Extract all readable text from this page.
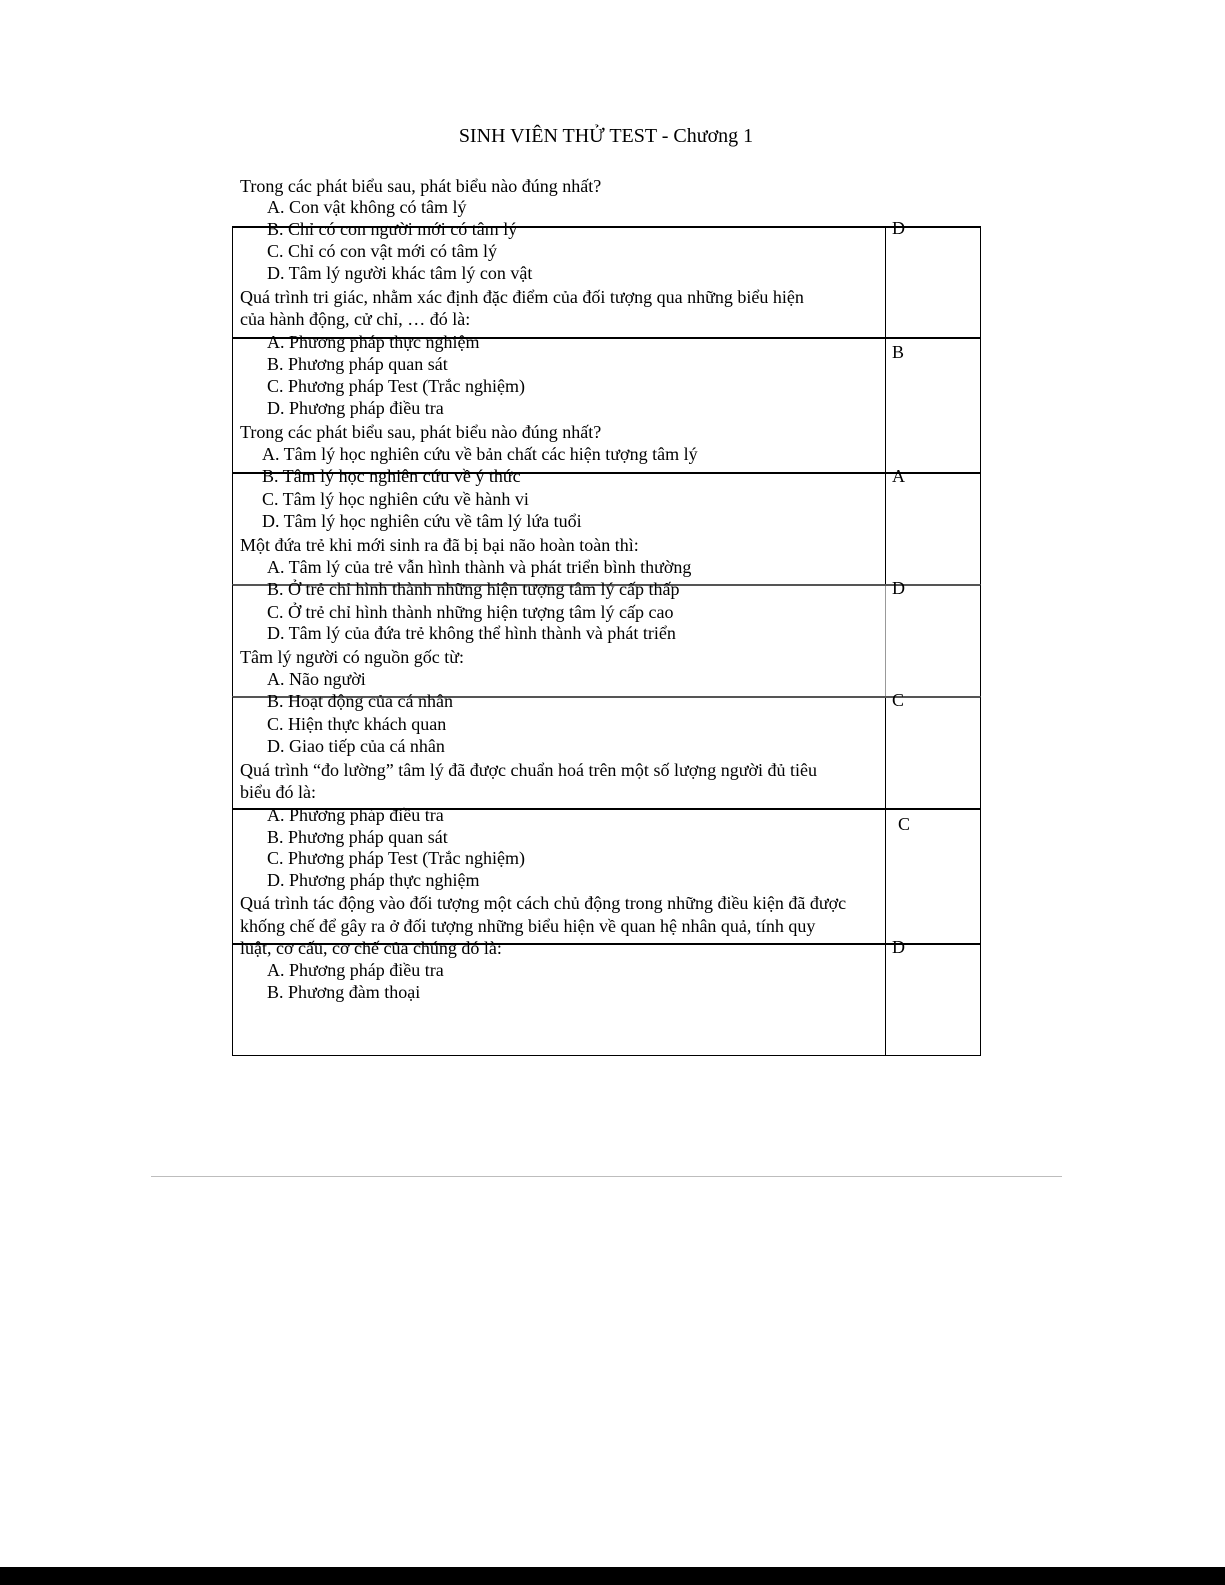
SINH VIÊN THỬ TEST - Chương 1
D
B
A
D
C
C
D
Trong các phát biểu sau, phát biểu nào đúng nhất?
A. Con vật không có tâm lý
B. Chỉ có con người mới có tâm lý
C. Chỉ có con vật mới có tâm lý
D. Tâm lý người khác tâm lý con vật
Quá trình tri giác, nhằm xác định đặc điểm của đối tượng qua những biểu hiện
của hành động, cử chỉ, … đó là:
A. Phương pháp thực nghiệm
B. Phương pháp quan sát
C. Phương pháp Test (Trắc nghiệm)
D. Phương pháp điều tra
Trong các phát biểu sau, phát biểu nào đúng nhất?
A. Tâm lý học nghiên cứu về bản chất các hiện tượng tâm lý
B. Tâm lý học nghiên cứu về ý thức
C. Tâm lý học nghiên cứu về hành vi
D. Tâm lý học nghiên cứu về tâm lý lứa tuổi
Một đứa trẻ khi mới sinh ra đã bị bại não hoàn toàn thì:
A. Tâm lý của trẻ vẫn hình thành và phát triển bình thường
B. Ở trẻ chỉ hình thành những hiện tượng tâm lý cấp thấp
C. Ở trẻ chỉ hình thành những hiện tượng tâm lý cấp cao
D. Tâm lý của đứa trẻ không thể hình thành và phát triển
Tâm lý người có nguồn gốc từ:
A. Não người
B. Hoạt động của cá nhân
C. Hiện thực khách quan
D. Giao tiếp của cá nhân
Quá trình “đo lường” tâm lý đã được chuẩn hoá trên một số lượng người đủ tiêu
biểu đó là:
A. Phương pháp điều tra
B. Phương pháp quan sát
C. Phương pháp Test (Trắc nghiệm)
D. Phương pháp thực nghiệm
Quá trình tác động vào đối tượng một cách chủ động trong những điều kiện đã được
khống chế để gây ra ở đối tượng những biểu hiện về quan hệ nhân quả, tính quy
luật, cơ cấu, cơ chế của chúng đó là:
A. Phương pháp điều tra
B. Phương đàm thoại
